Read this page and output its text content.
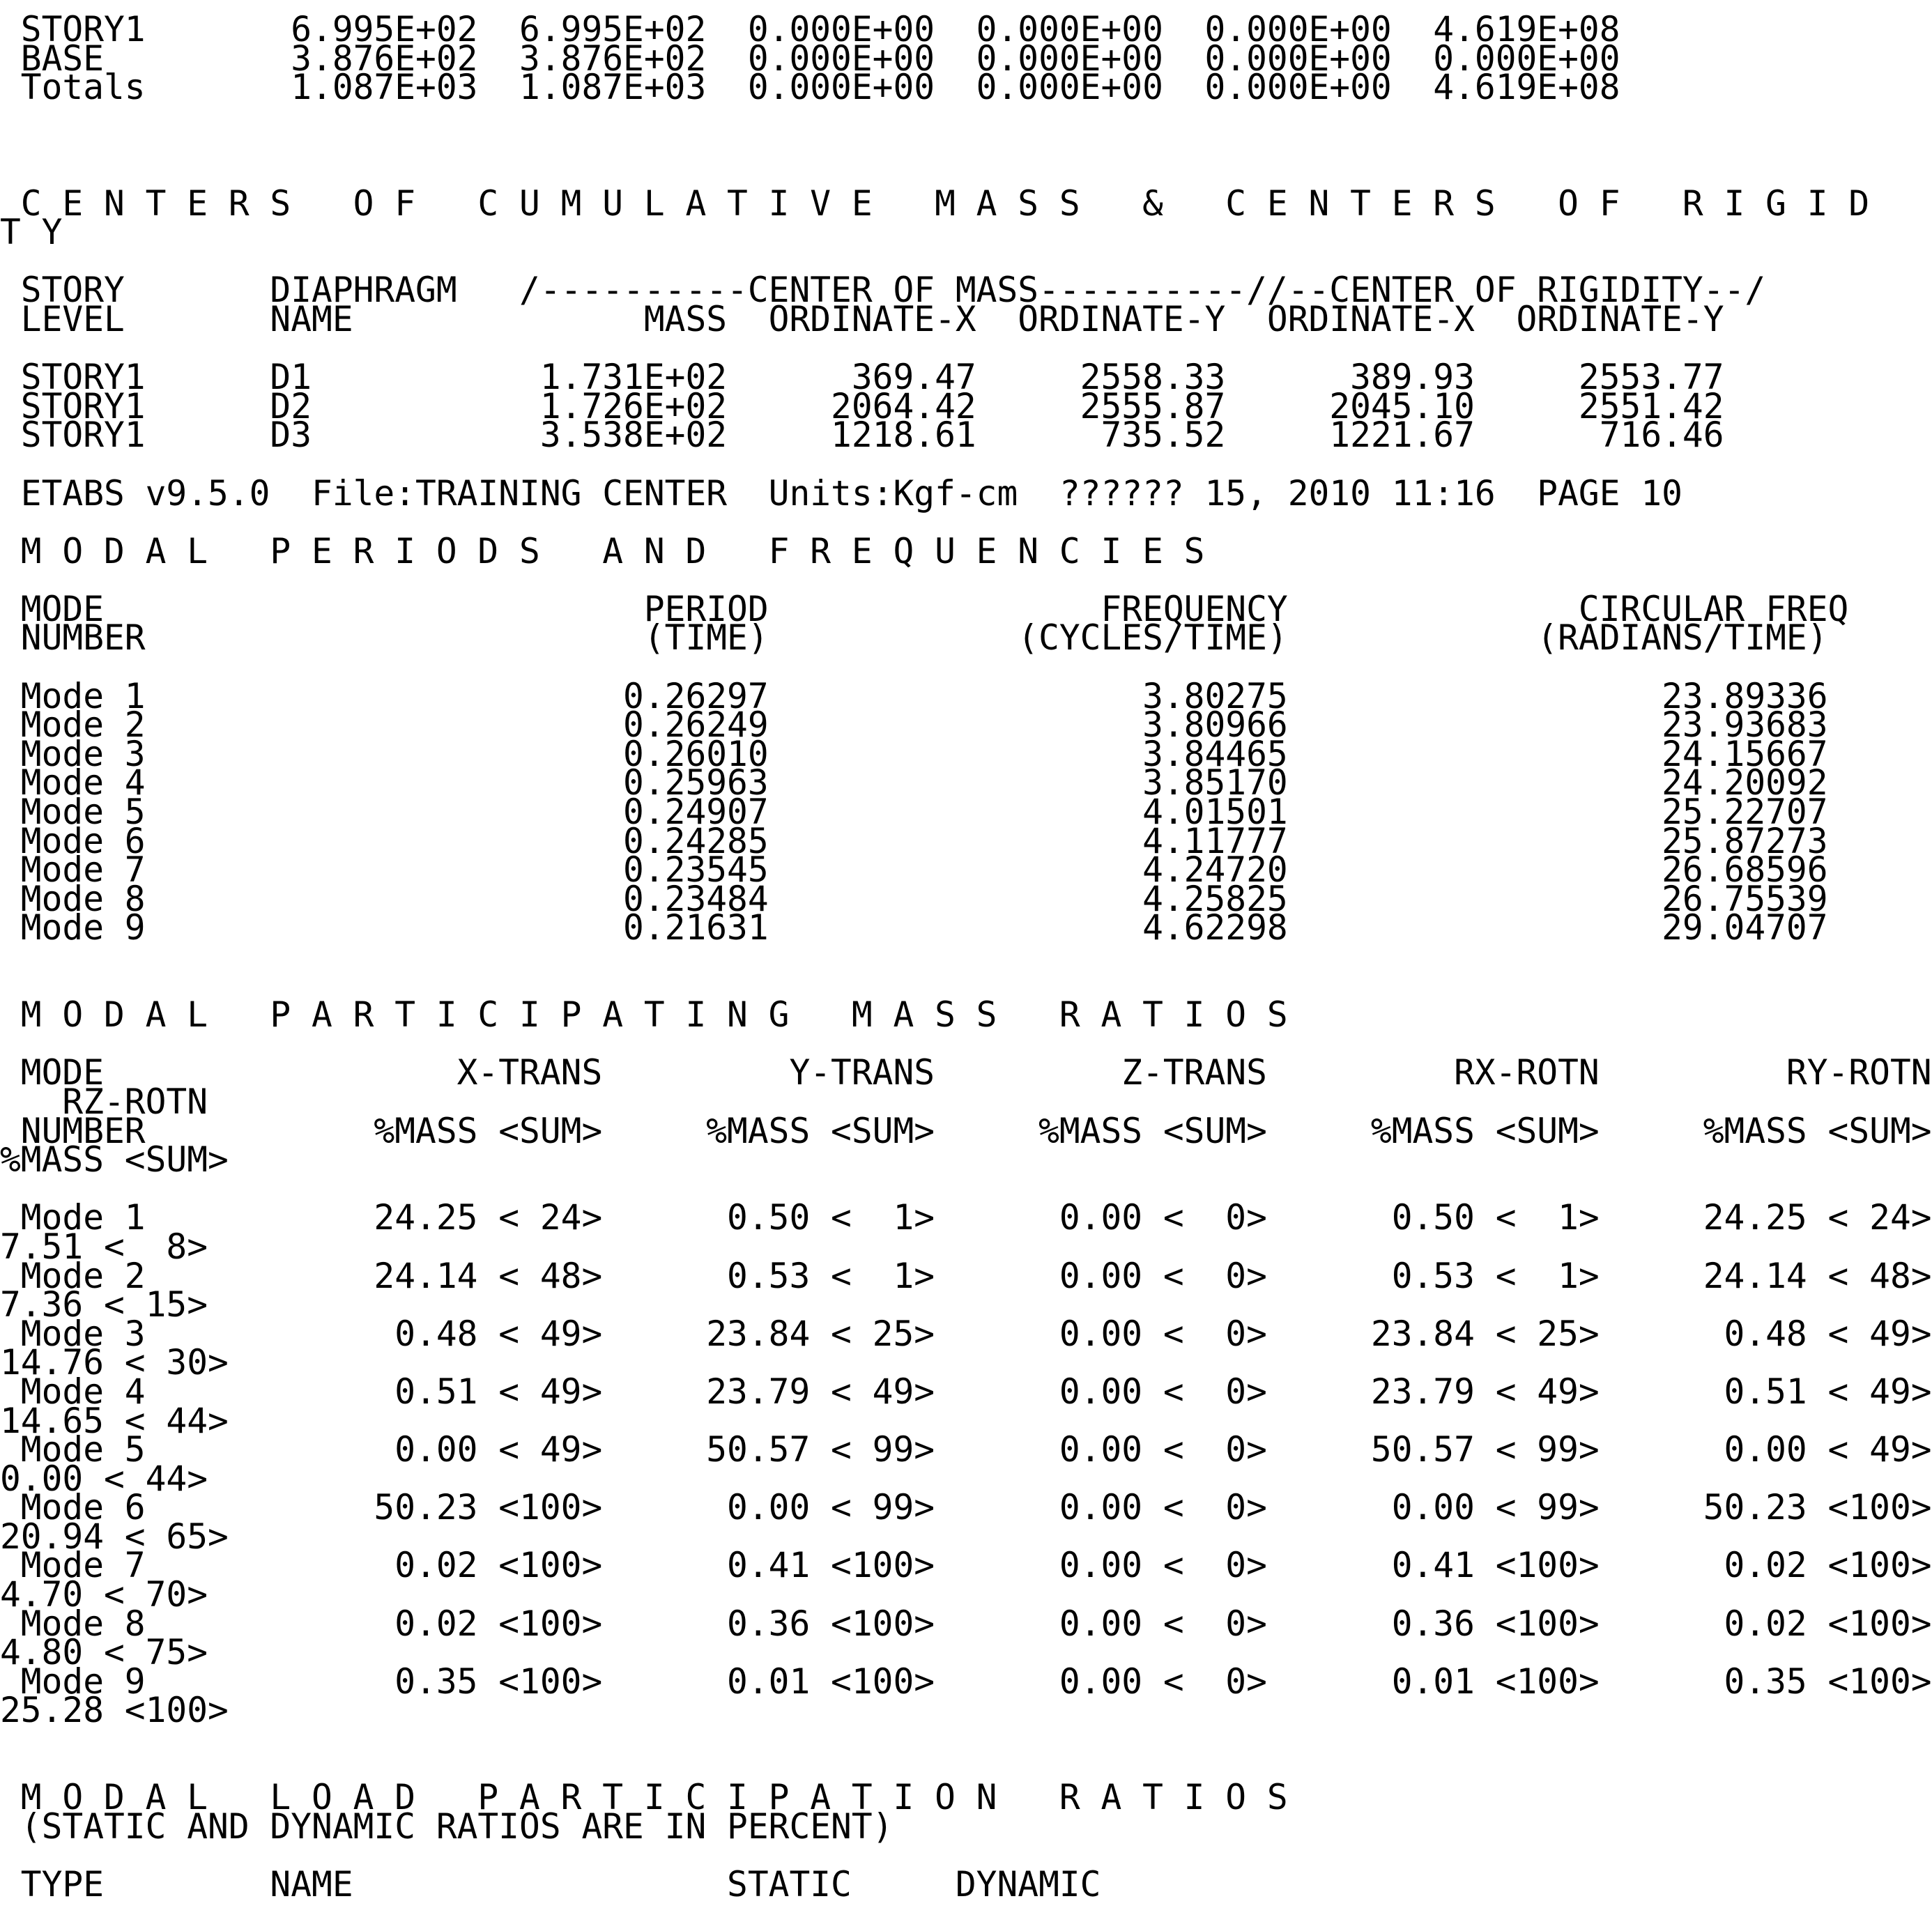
STORY1       6.995E+02  6.995E+02  0.000E+00  0.000E+00  0.000E+00  4.619E+08
BASE         3.876E+02  3.876E+02  0.000E+00  0.000E+00  0.000E+00  0.000E+00
Totals       1.087E+03  1.087E+03  0.000E+00  0.000E+00  0.000E+00  4.619E+08
C E N T E R S   O F   C U M U L A T I V E   M A S S   &   C E N T E R S   O F   R I G I D
T Y
STORY       DIAPHRAGM   /----------CENTER OF MASS----------//--CENTER OF RIGIDITY--/
LEVEL       NAME              MASS  ORDINATE-X  ORDINATE-Y  ORDINATE-X  ORDINATE-Y
STORY1      D1           1.731E+02      369.47     2558.33      389.93     2553.77
STORY1      D2           1.726E+02     2064.42     2555.87     2045.10     2551.42
STORY1      D3           3.538E+02     1218.61      735.52     1221.67      716.46
ETABS v9.5.0  File:TRAINING CENTER  Units:Kgf-cm  ?????? 15, 2010 11:16  PAGE 10
M O D A L   P E R I O D S   A N D   F R E Q U E N C I E S
MODE                          PERIOD                FREQUENCY              CIRCULAR FREQ
NUMBER                        (TIME)            (CYCLES/TIME)            (RADIANS/TIME)
Mode 1                       0.26297                  3.80275                  23.89336
Mode 2                       0.26249                  3.80966                  23.93683
Mode 3                       0.26010                  3.84465                  24.15667
Mode 4                       0.25963                  3.85170                  24.20092
Mode 5                       0.24907                  4.01501                  25.22707
Mode 6                       0.24285                  4.11777                  25.87273
Mode 7                       0.23545                  4.24720                  26.68596
Mode 8                       0.23484                  4.25825                  26.75539
Mode 9                       0.21631                  4.62298                  29.04707
M O D A L   P A R T I C I P A T I N G   M A S S   R A T I O S
MODE                 X-TRANS         Y-TRANS         Z-TRANS         RX-ROTN         RY-ROTN
RZ-ROTN
NUMBER           %MASS <SUM>     %MASS <SUM>     %MASS <SUM>     %MASS <SUM>     %MASS <SUM>
%MASS <SUM>
Mode 1           24.25 < 24>      0.50 <  1>      0.00 <  0>      0.50 <  1>     24.25 < 24>
7.51 <  8>
Mode 2           24.14 < 48>      0.53 <  1>      0.00 <  0>      0.53 <  1>     24.14 < 48>
7.36 < 15>
Mode 3            0.48 < 49>     23.84 < 25>      0.00 <  0>     23.84 < 25>      0.48 < 49>
14.76 < 30>
Mode 4            0.51 < 49>     23.79 < 49>      0.00 <  0>     23.79 < 49>      0.51 < 49>
14.65 < 44>
Mode 5            0.00 < 49>     50.57 < 99>      0.00 <  0>     50.57 < 99>      0.00 < 49>
0.00 < 44>
Mode 6           50.23 <100>      0.00 < 99>      0.00 <  0>      0.00 < 99>     50.23 <100>
20.94 < 65>
Mode 7            0.02 <100>      0.41 <100>      0.00 <  0>      0.41 <100>      0.02 <100>
4.70 < 70>
Mode 8            0.02 <100>      0.36 <100>      0.00 <  0>      0.36 <100>      0.02 <100>
4.80 < 75>
Mode 9            0.35 <100>      0.01 <100>      0.00 <  0>      0.01 <100>      0.35 <100>
25.28 <100>
M O D A L   L O A D   P A R T I C I P A T I O N   R A T I O S
(STATIC AND DYNAMIC RATIOS ARE IN PERCENT)
TYPE        NAME                  STATIC     DYNAMIC
